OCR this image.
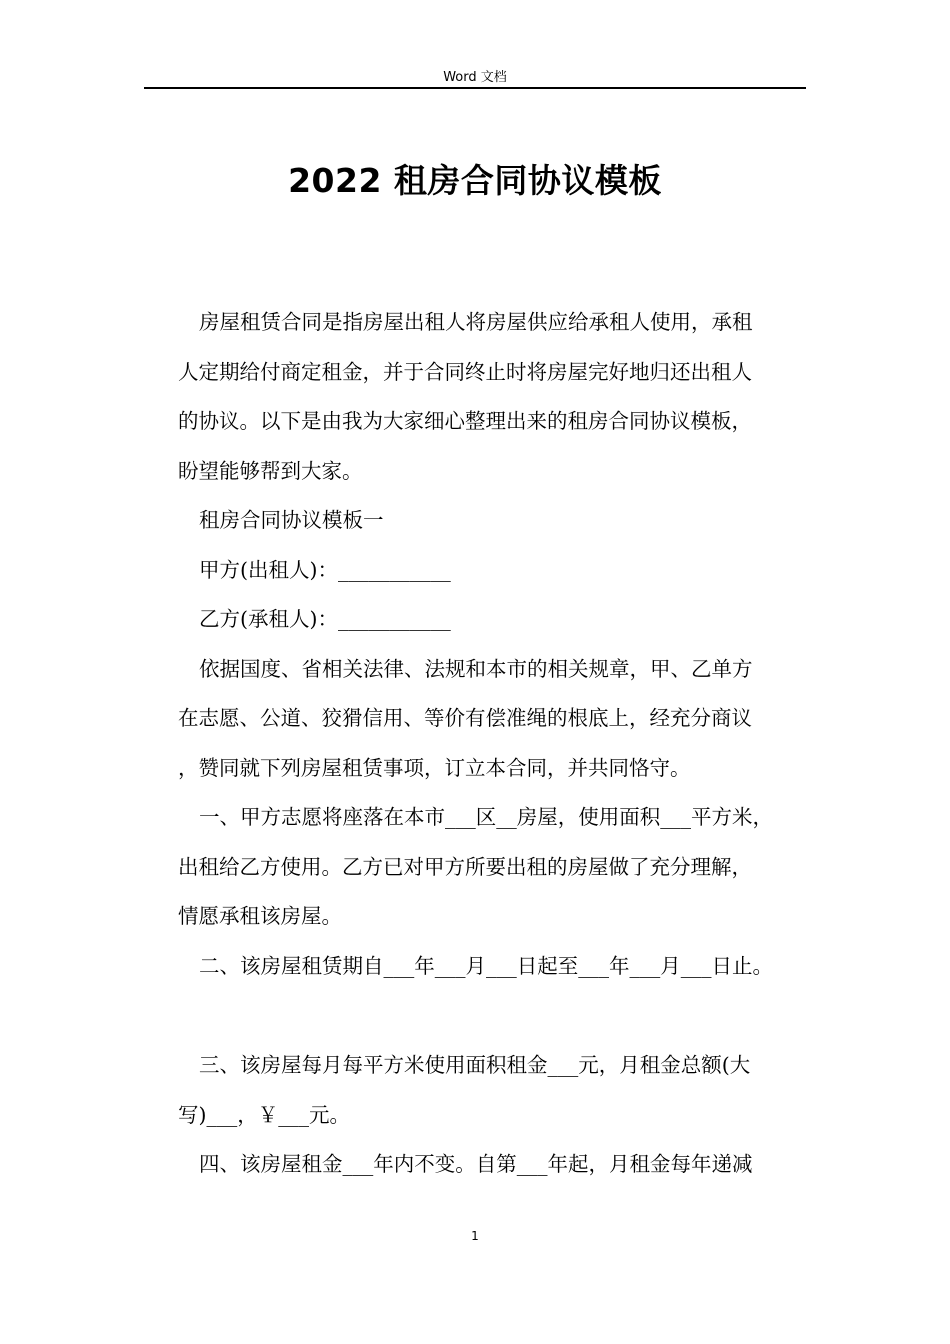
Word 文档
2022 租房合同协议模板

房屋租赁合同是指房屋出租人将房屋供应给承租人使用，承租

人定期给付商定租金，并于合同终止时将房屋完好地归还出租人

的协议。以下是由我为大家细心整理出来的租房合同协议模板，

盼望能够帮到大家。

租房合同协议模板一

甲方(出租人)：___________

乙方(承租人)：___________

依据国度、省相关法律、法规和本市的相关规章，甲、乙单方

在志愿、公道、狡猾信用、等价有偿准绳的根底上，经充分商议

，赞同就下列房屋租赁事项，订立本合同，并共同恪守。

一、甲方志愿将座落在本市___区__房屋，使用面积___平方米，

出租给乙方使用。乙方已对甲方所要出租的房屋做了充分理解，

情愿承租该房屋。

二、该房屋租赁期自___年___月___日起至___年___月___日止。

三、该房屋每月每平方米使用面积租金___元，月租金总额(大

写)___，￥___元。

四、该房屋租金___年内不变。自第___年起，月租金每年递减

1
